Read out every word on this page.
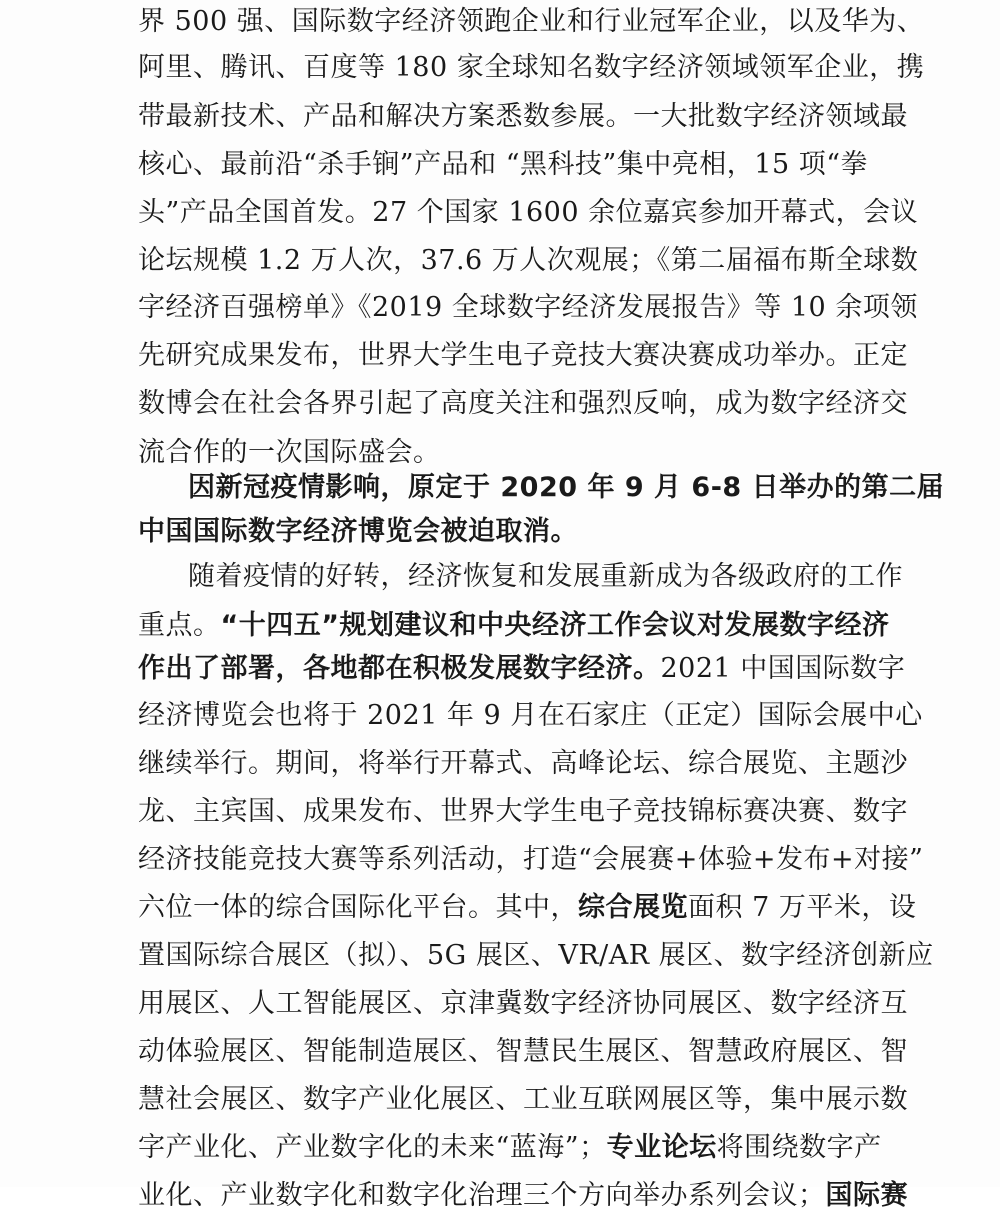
界 500 强、国际数字经济领跑企业和行业冠军企业，以及华为、
阿里、腾讯、百度等 180 家全球知名数字经济领域领军企业，携
带最新技术、产品和解决方案悉数参展。一大批数字经济领域最
核心、最前沿“杀手锏”产品和 “黑科技”集中亮相，15 项“拳
头”产品全国首发。27 个国家 1600 余位嘉宾参加开幕式，会议
论坛规模 1.2 万人次，37.6 万人次观展；《第二届福布斯全球数
字经济百强榜单》《2019 全球数字经济发展报告》等 10 余项领
先研究成果发布，世界大学生电子竞技大赛决赛成功举办。正定
数博会在社会各界引起了高度关注和强烈反响，成为数字经济交
流合作的一次国际盛会。
因新冠疫情影响，原定于 2020 年 9 月 6-8 日举办的第二届
中国国际数字经济博览会被迫取消。
随着疫情的好转，经济恢复和发展重新成为各级政府的工作
重点。“十四五”规划建议和中央经济工作会议对发展数字经济
作出了部署，各地都在积极发展数字经济。2021 中国国际数字
经济博览会也将于 2021 年 9 月在石家庄（正定）国际会展中心
继续举行。期间，将举行开幕式、高峰论坛、综合展览、主题沙
龙、主宾国、成果发布、世界大学生电子竞技锦标赛决赛、数字
经济技能竞技大赛等系列活动，打造“会展赛+体验+发布+对接”
六位一体的综合国际化平台。其中，综合展览面积 7 万平米，设
置国际综合展区（拟）、5G 展区、VR/AR 展区、数字经济创新应
用展区、人工智能展区、京津冀数字经济协同展区、数字经济互
动体验展区、智能制造展区、智慧民生展区、智慧政府展区、智
慧社会展区、数字产业化展区、工业互联网展区等，集中展示数
字产业化、产业数字化的未来“蓝海”；专业论坛将围绕数字产
业化、产业数字化和数字化治理三个方向举办系列会议；国际赛
